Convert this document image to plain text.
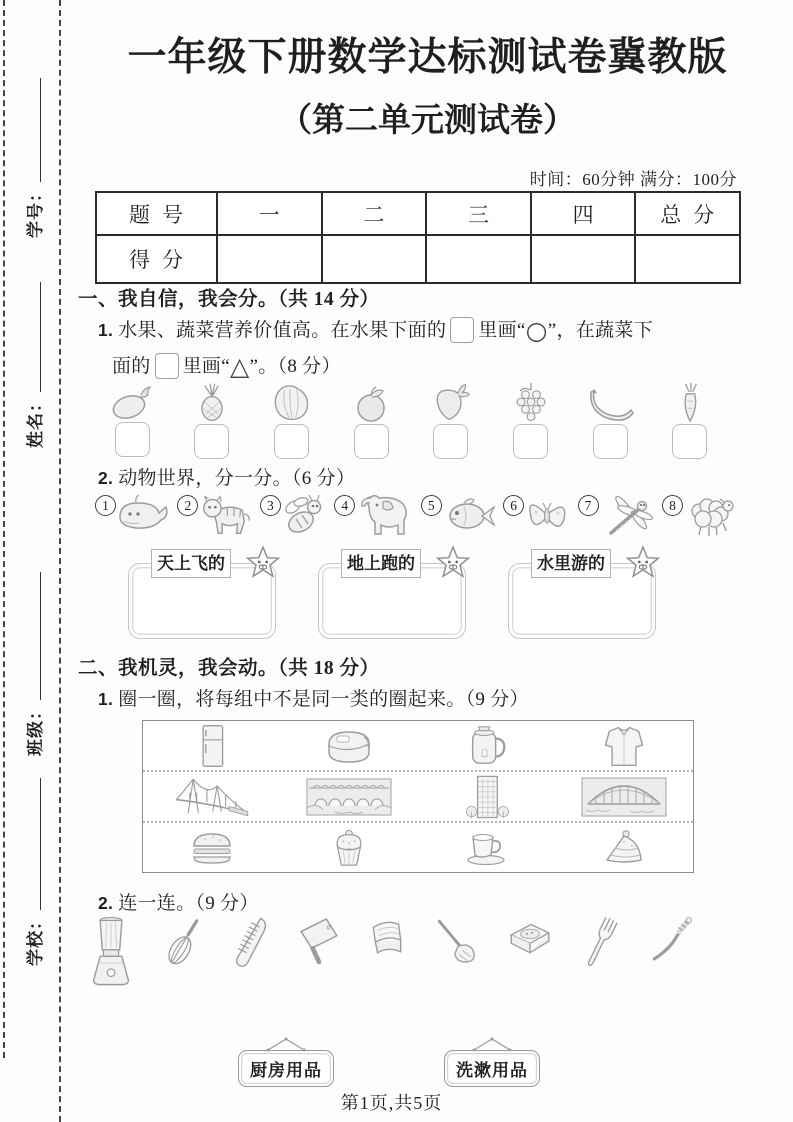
学号：
姓名：
班级：
学校：
一年级下册数学达标测试卷冀教版
（第二单元测试卷）
时间：60分钟 满分：100分
题号	一	二	三	四	总分
得分					
一、我自信，我会分。（共 14 分）
1. 水果、蔬菜营养价值高。在水果下面的 里画“○”，在蔬菜下
面的 里画“△”。（8 分）
2. 动物世界，分一分。（6 分）
1	2	3	4	5	6	7	8
天上飞的	地上跑的	水里游的
二、我机灵，我会动。（共 18 分）
1. 圈一圈，将每组中不是同一类的圈起来。（9 分）
2. 连一连。（9 分）
厨房用品	洗漱用品
第1页,共5页
